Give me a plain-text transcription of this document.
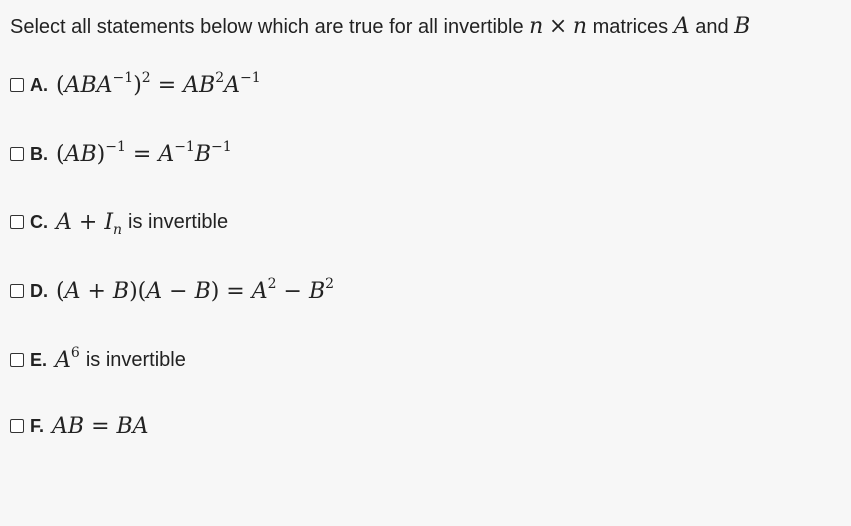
Select all statements below which are true for all invertible n × n matrices A and B
A. $(ABA^{-1})^2 = AB^2A^{-1}$
B. $(AB)^{-1} = A^{-1}B^{-1}$
C. $A + I_n$ is invertible
D. $(A + B)(A - B) = A^2 - B^2$
E. $A^6$ is invertible
F. AB = BA
